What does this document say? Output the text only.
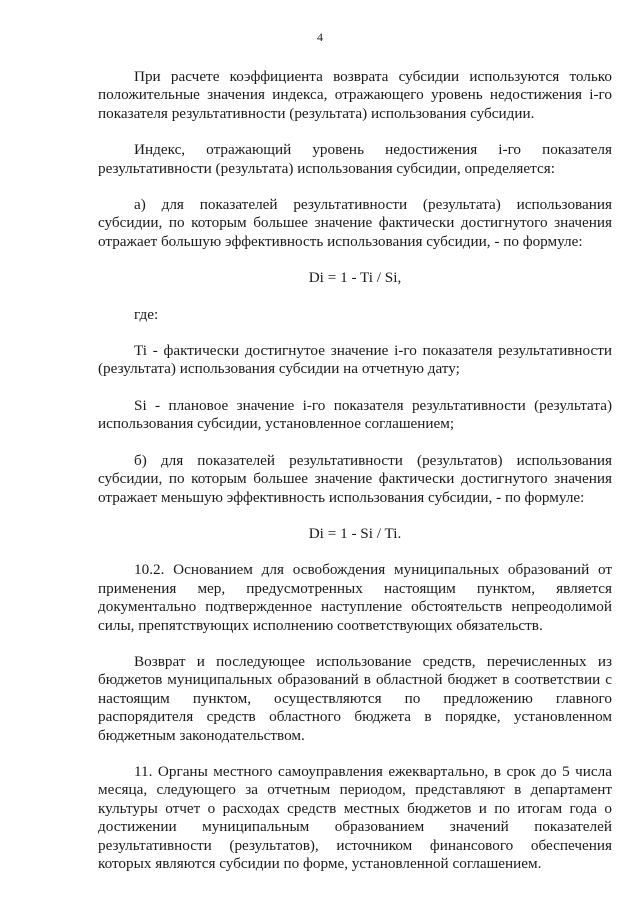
4

При расчете коэффициента возврата субсидии используются только положительные значения индекса, отражающего уровень недостижения i-го показателя результативности (результата) использования субсидии.

Индекс, отражающий уровень недостижения i-го показателя результативности (результата) использования субсидии, определяется:

а) для показателей результативности (результата) использования субсидии, по которым большее значение фактически достигнутого значения отражает большую эффективность использования субсидии, - по формуле:

Di = 1 - Ti / Si,

где:

Ti - фактически достигнутое значение i-го показателя результативности (результата) использования субсидии на отчетную дату;

Si - плановое значение i-го показателя результативности (результата) использования субсидии, установленное соглашением;

б) для показателей результативности (результатов) использования субсидии, по которым большее значение фактически достигнутого значения отражает меньшую эффективность использования субсидии, - по формуле:

Di = 1 - Si / Ti.

10.2. Основанием для освобождения муниципальных образований от применения мер, предусмотренных настоящим пунктом, является документально подтвержденное наступление обстоятельств непреодолимой силы, препятствующих исполнению соответствующих обязательств.

Возврат и последующее использование средств, перечисленных из бюджетов муниципальных образований в областной бюджет в соответствии с настоящим пунктом, осуществляются по предложению главного распорядителя средств областного бюджета в порядке, установленном бюджетным законодательством.

11. Органы местного самоуправления ежеквартально, в срок до 5 числа месяца, следующего за отчетным периодом, представляют в департамент культуры отчет о расходах средств местных бюджетов и по итогам года о достижении муниципальным образованием значений показателей результативности (результатов), источником финансового обеспечения которых являются субсидии по форме, установленной соглашением.
